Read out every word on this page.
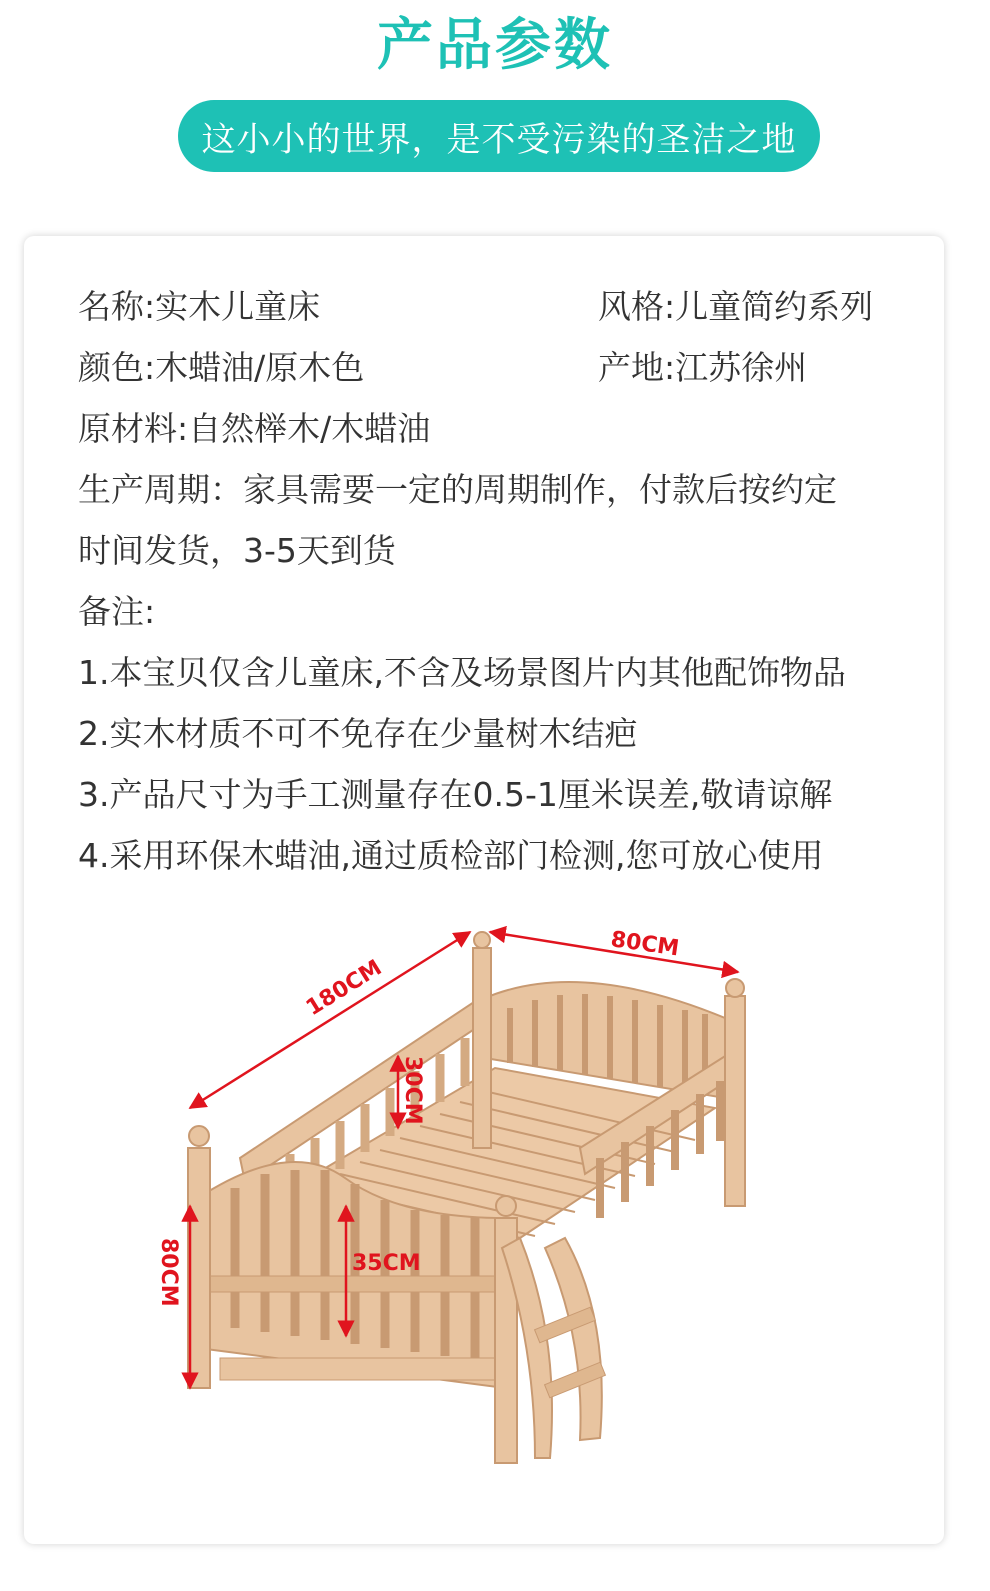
产品参数
这小小的世界，是不受污染的圣洁之地
名称:实木儿童床	风格:儿童简约系列
颜色:木蜡油/原木色	产地:江苏徐州
原材料:自然榉木/木蜡油
生产周期：家具需要一定的周期制作，付款后按约定
时间发货，3-5天到货
备注:
1.本宝贝仅含儿童床,不含及场景图片内其他配饰物品
2.实木材质不可不免存在少量树木结疤
3.产品尺寸为手工测量存在0.5-1厘米误差,敬请谅解
4.采用环保木蜡油,通过质检部门检测,您可放心使用
180CM
80CM
30CM
35CM
80CM
